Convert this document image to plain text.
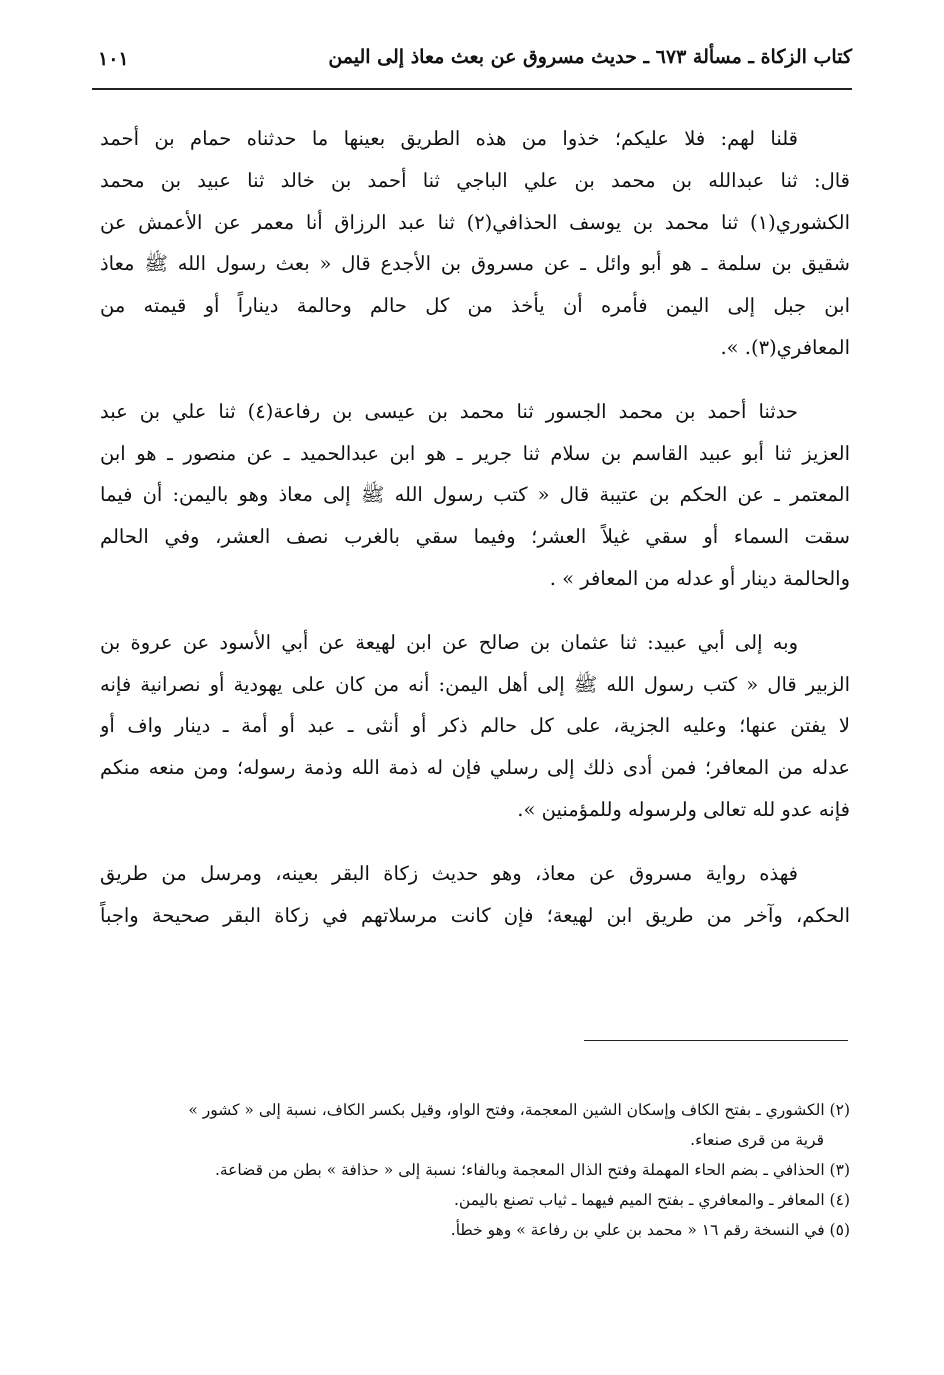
كتاب الزكاة ـ مسألة ٦٧٣ ـ حديث مسروق عن بعث معاذ إلى اليمن
١٠١
قلنا لهم: فلا عليكم؛ خذوا من هذه الطريق بعينها ما حدثناه حمام بن أحمد
قال: ثنا عبدالله بن محمد بن علي الباجي ثنا أحمد بن خالد ثنا عبيد بن محمد
الكشوري(١) ثنا محمد بن يوسف الحذافي(٢) ثنا عبد الرزاق أنا معمر عن الأعمش عن
شقيق بن سلمة ـ هو أبو وائل ـ عن مسروق بن الأجدع قال « بعث رسول الله ﷺ معاذ
ابن جبل إلى اليمن فأمره أن يأخذ من كل حالم وحالمة ديناراً أو قيمته من
المعافري(٣). ».
حدثنا أحمد بن محمد الجسور ثنا محمد بن عيسى بن رفاعة(٤) ثنا علي بن عبد
العزيز ثنا أبو عبيد القاسم بن سلام ثنا جرير ـ هو ابن عبدالحميد ـ عن منصور ـ هو ابن
المعتمر ـ عن الحكم بن عتيبة قال « كتب رسول الله ﷺ إلى معاذ وهو باليمن: أن فيما
سقت السماء أو سقي غيلاً العشر؛ وفيما سقي بالغرب نصف العشر، وفي الحالم
والحالمة دينار أو عدله من المعافر » .
وبه إلى أبي عبيد: ثنا عثمان بن صالح عن ابن لهيعة عن أبي الأسود عن عروة بن
الزبير قال « كتب رسول الله ﷺ إلى أهل اليمن: أنه من كان على يهودية أو نصرانية فإنه
لا يفتن عنها؛ وعليه الجزية، على كل حالم ذكر أو أنثى ـ عبد أو أمة ـ دينار واف أو
عدله من المعافر؛ فمن أدى ذلك إلى رسلي فإن له ذمة الله وذمة رسوله؛ ومن منعه منكم
فإنه عدو لله تعالى ولرسوله وللمؤمنين ».
فهذه رواية مسروق عن معاذ، وهو حديث زكاة البقر بعينه، ومرسل من طريق
الحكم، وآخر من طريق ابن لهيعة؛ فإن كانت مرسلاتهم في زكاة البقر صحيحة واجباً
(٢) الكشوري ـ بفتح الكاف وإسكان الشين المعجمة، وفتح الواو، وقيل بكسر الكاف، نسبة إلى « كشور »
قرية من قرى صنعاء.
(٣) الحذافي ـ بضم الحاء المهملة وفتح الذال المعجمة وبالفاء؛ نسبة إلى « حذافة » بطن من قضاعة.
(٤) المعافر ـ والمعافري ـ بفتح الميم فيهما ـ ثياب تصنع باليمن.
(٥) في النسخة رقم ١٦ « محمد بن علي بن رفاعة » وهو خطأ.
